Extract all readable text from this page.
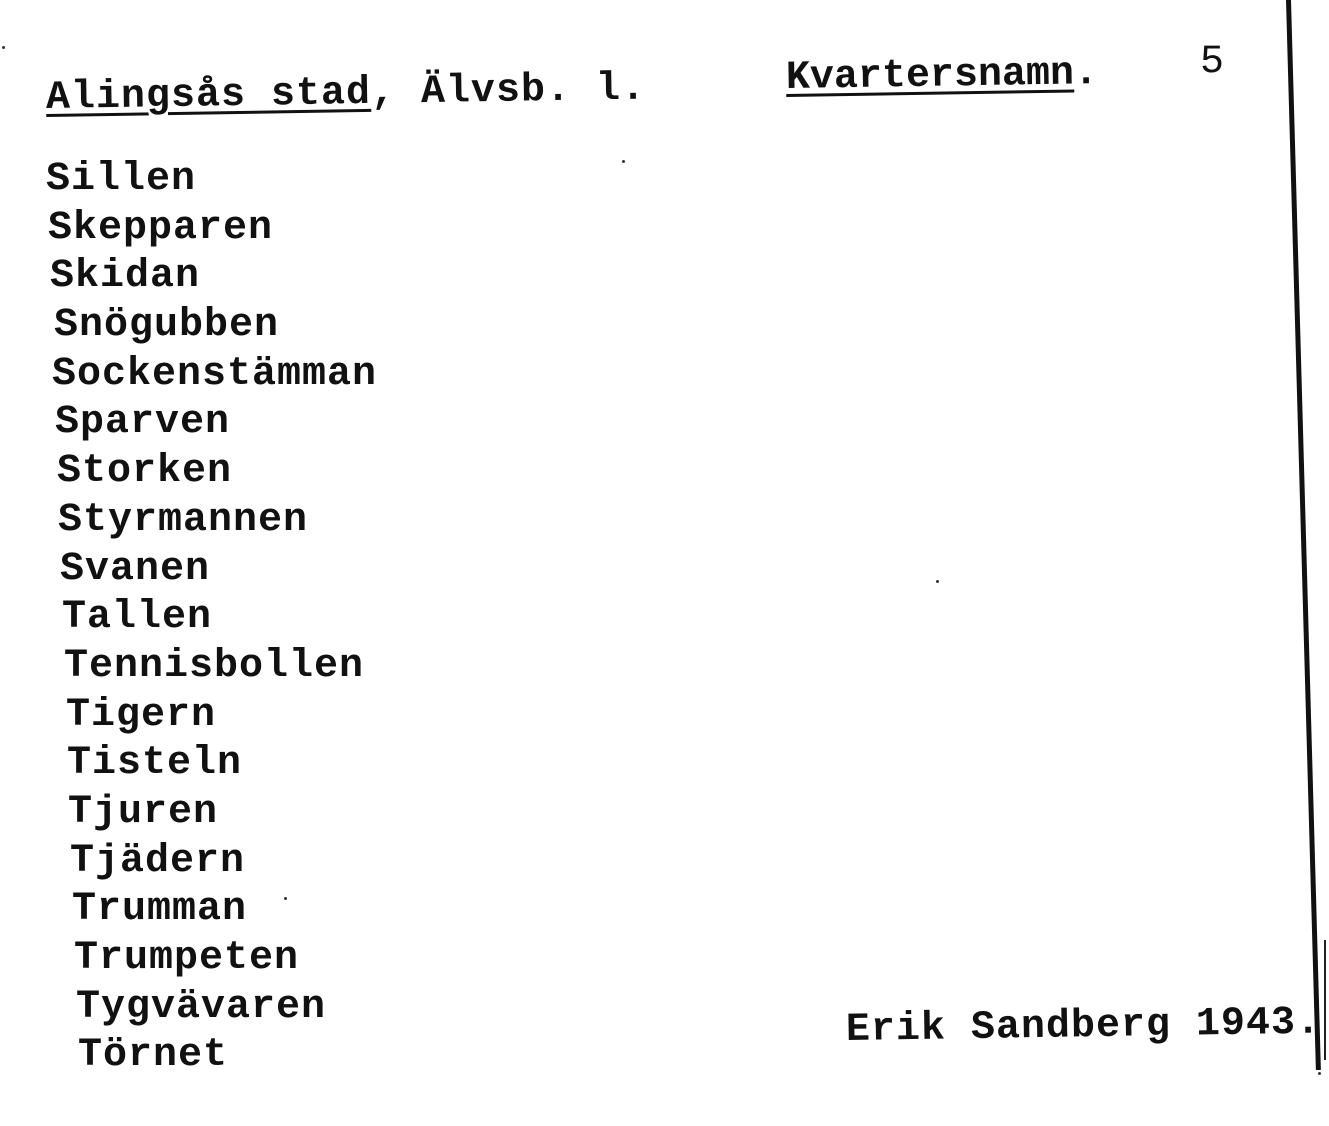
Alingsås stad, Älvsb. l.	Kvartersnamn.	5
Sillen
Skepparen
Skidan
Snögubben
Sockenstämman
Sparven
Storken
Styrmannen
Svanen
Tallen
Tennisbollen
Tigern
Tisteln
Tjuren
Tjädern
Trumman
Trumpeten
Tygvävaren
Törnet
Erik Sandberg 1943.
